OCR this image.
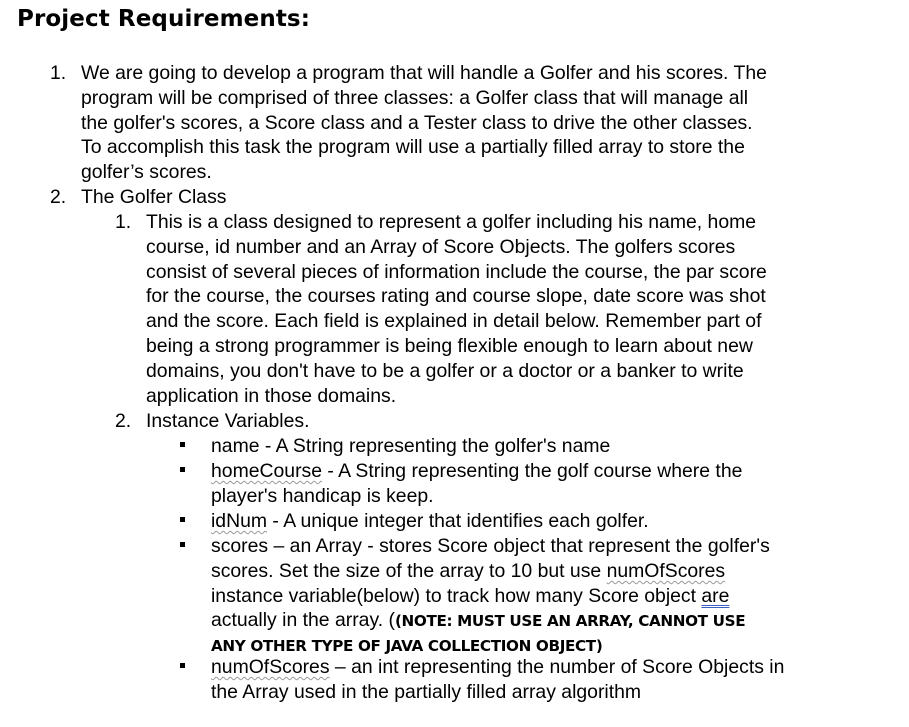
Project Requirements:
1. We are going to develop a program that will handle a Golfer and his scores. The
program will be comprised of three classes: a Golfer class that will manage all
the golfer's scores, a Score class and a Tester class to drive the other classes.
To accomplish this task the program will use a partially filled array to store the
golfer’s scores.
2. The Golfer Class
1. This is a class designed to represent a golfer including his name, home
course, id number and an Array of Score Objects. The golfers scores
consist of several pieces of information include the course, the par score
for the course, the courses rating and course slope, date score was shot
and the score. Each field is explained in detail below. Remember part of
being a strong programmer is being flexible enough to learn about new
domains, you don't have to be a golfer or a doctor or a banker to write
application in those domains.
2. Instance Variables.
name - A String representing the golfer's name
homeCourse - A String representing the golf course where the
player's handicap is keep.
idNum - A unique integer that identifies each golfer.
scores – an Array - stores Score object that represent the golfer's
scores. Set the size of the array to 10 but use numOfScores
instance variable(below) to track how many Score object are
actually in the array. ((NOTE: MUST USE AN ARRAY, CANNOT USE
ANY OTHER TYPE OF JAVA COLLECTION OBJECT)
numOfScores – an int representing the number of Score Objects in
the Array used in the partially filled array algorithm
